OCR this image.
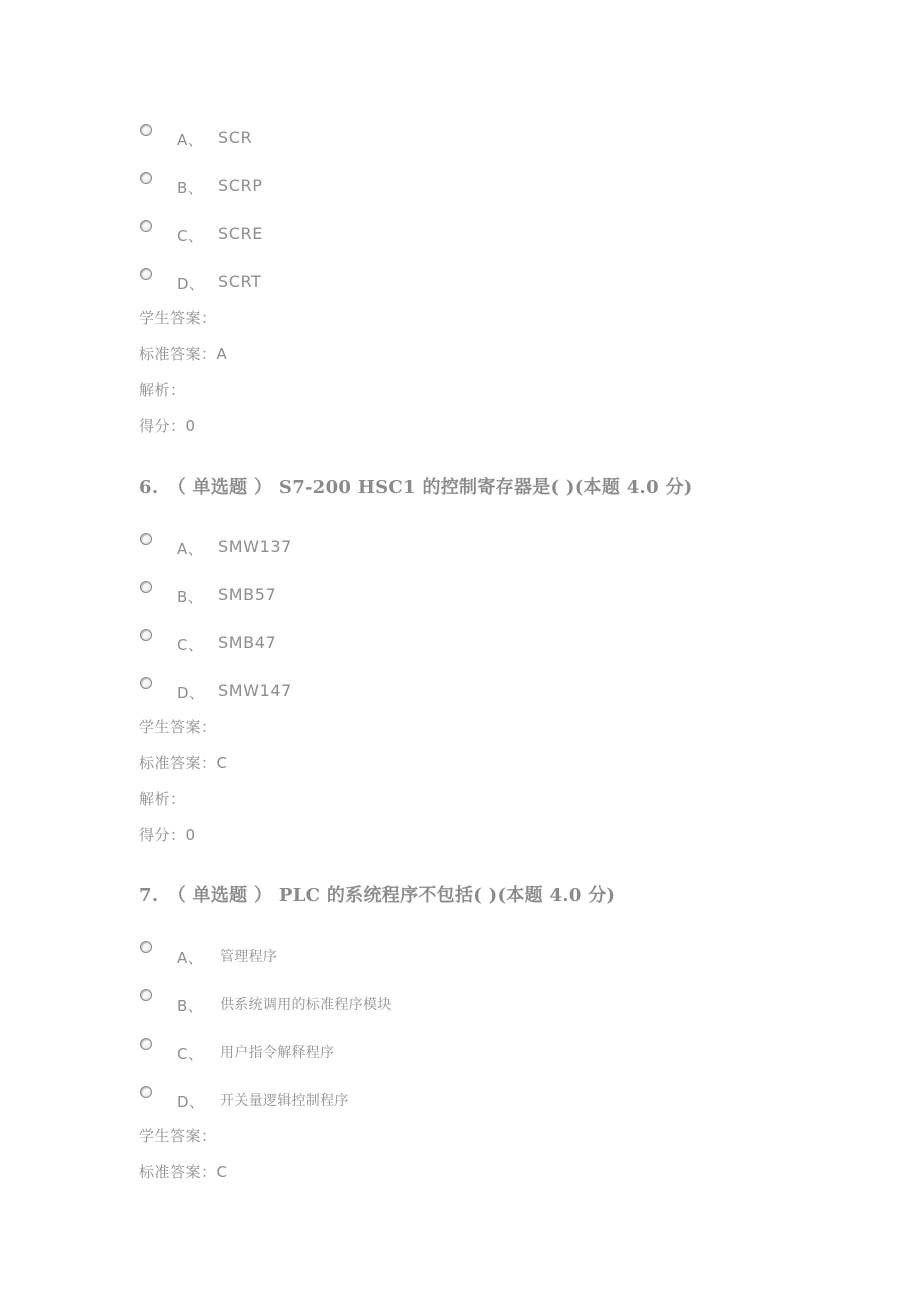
A、 SCR
B、 SCRP
C、 SCRE
D、 SCRT
学生答案：
标准答案：A
解析：
得分：0
6.　（ 单选题 ） S7-200 HSC1 的控制寄存器是( )(本题 4.0 分)
A、 SMW137
B、 SMB57
C、 SMB47
D、 SMW147
学生答案：
标准答案：C
解析：
得分：0
7.　（ 单选题 ） PLC 的系统程序不包括( )(本题 4.0 分)
A、 管理程序
B、 供系统调用的标准程序模块
C、 用户指令解释程序
D、 开关量逻辑控制程序
学生答案：
标准答案：C
